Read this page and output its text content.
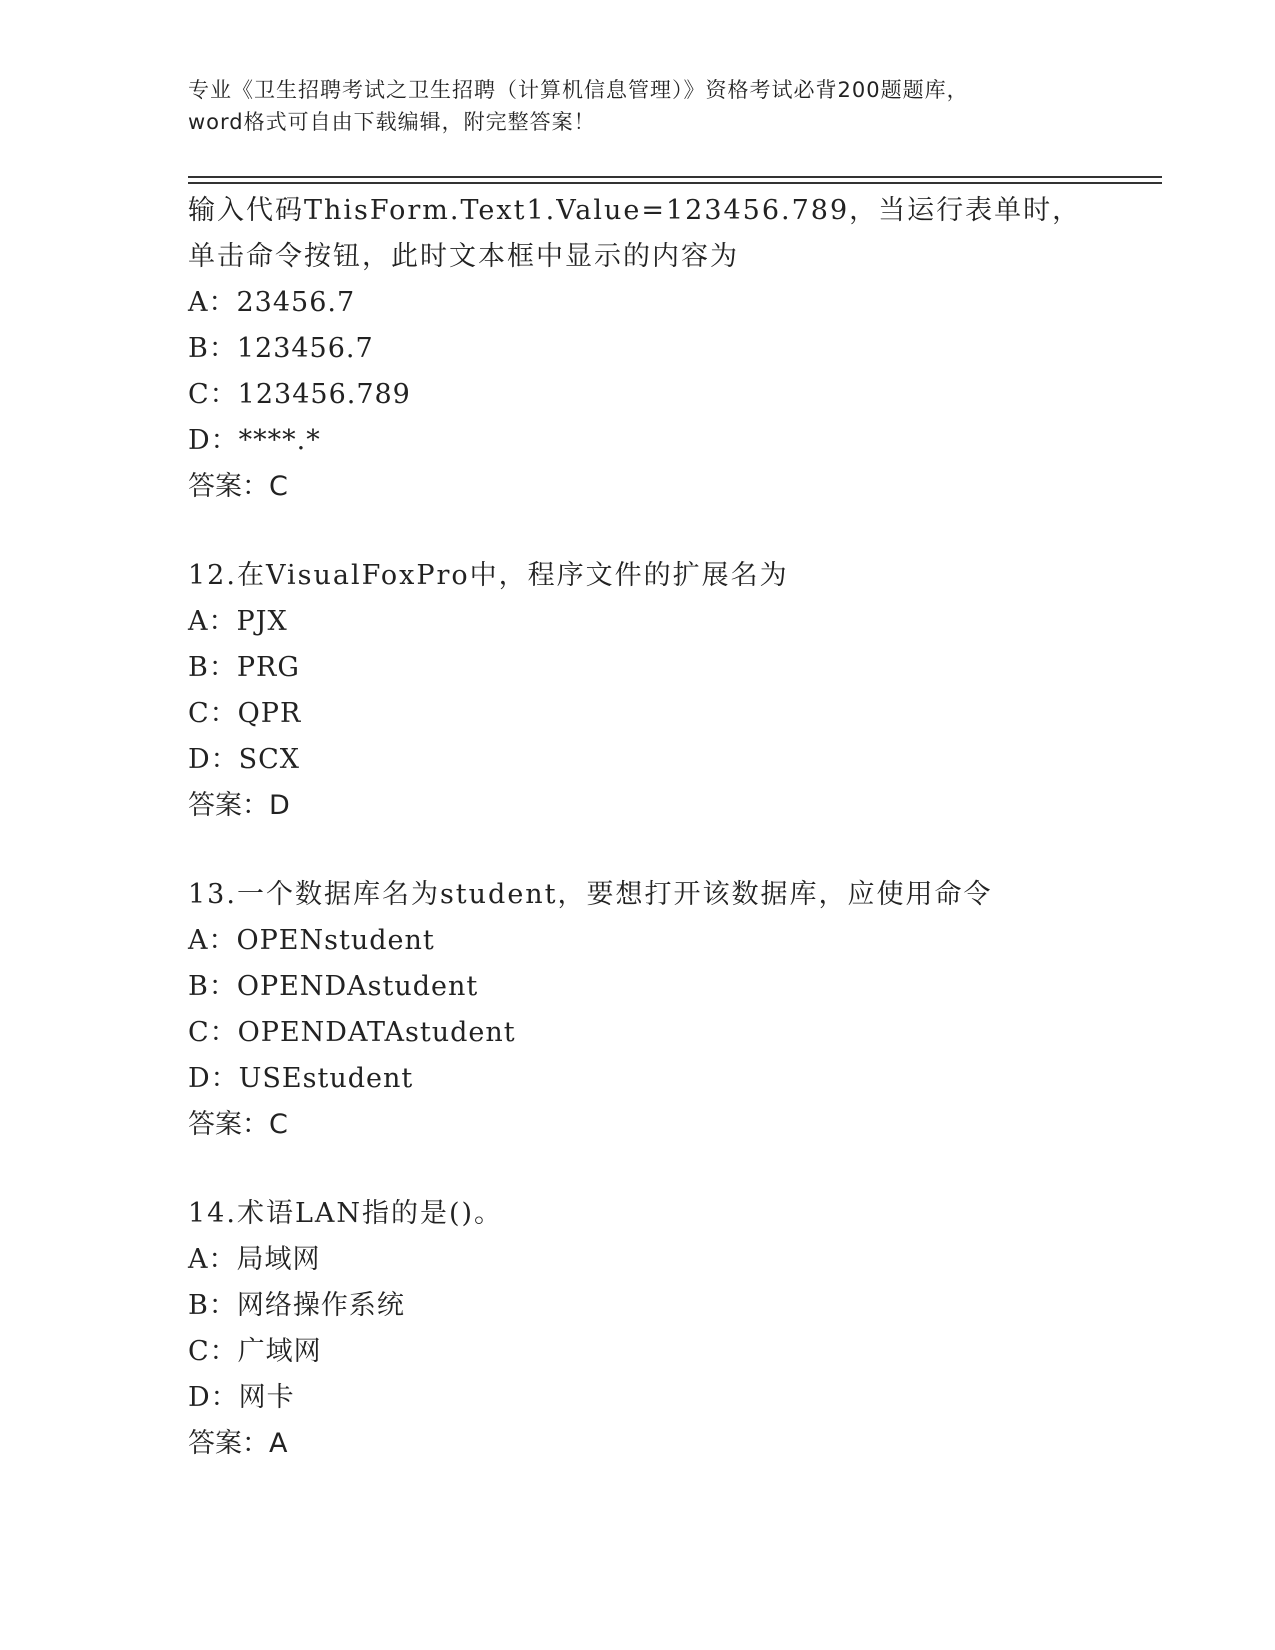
专业《卫生招聘考试之卫生招聘（计算机信息管理）》资格考试必背200题题库，
word格式可自由下载编辑，附完整答案！

输入代码ThisForm.Text1.Value=123456.789，当运行表单时，单击命令按钮，此时文本框中显示的内容为

A：23456.7

B：123456.7

C：123456.789

D：****.*

答案：C

12.在VisualFoxPro中，程序文件的扩展名为

A：PJX

B：PRG

C：QPR

D：SCX

答案：D

13.一个数据库名为student，要想打开该数据库，应使用命令

A：OPENstudent

B：OPENDAstudent

C：OPENDATAstudent

D：USEstudent

答案：C

14.术语LAN指的是()。

A：局域网

B：网络操作系统

C：广域网

D：网卡

答案：A
